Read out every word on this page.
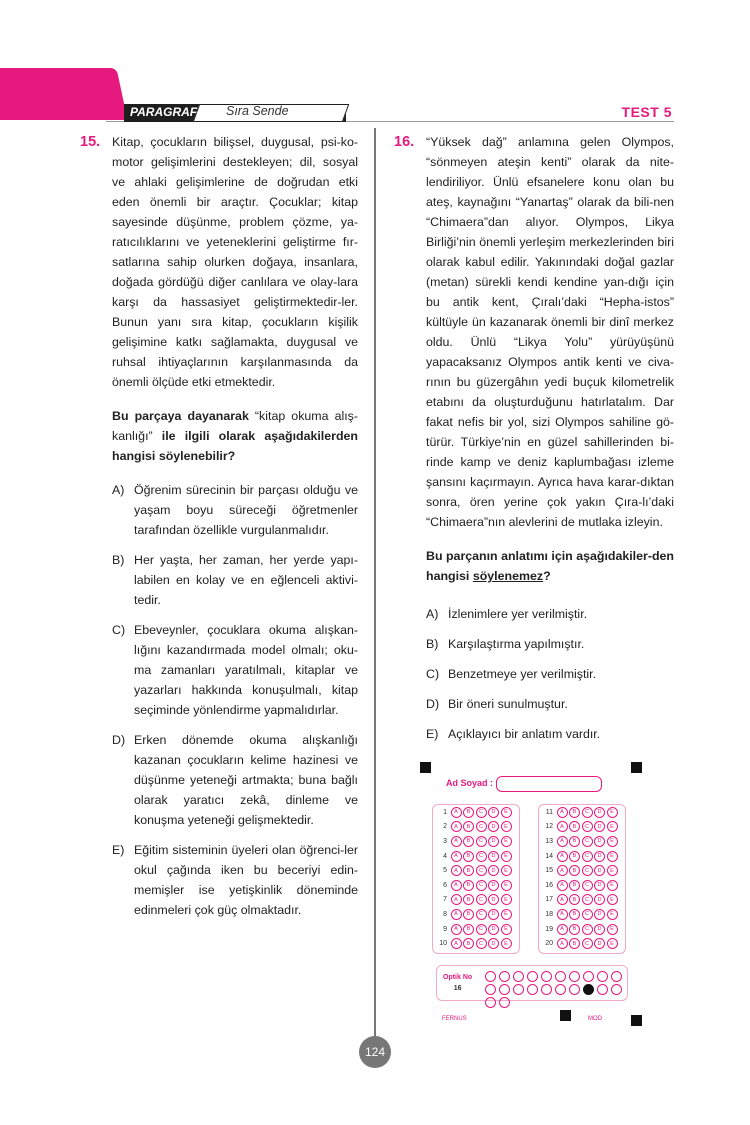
PARAGRAF Sıra Sende	TEST 5
124
15. Kitap, çocukların bilişsel, duygusal, psi-ko-motor gelişimlerini destekleyen; dil, sosyal ve ahlaki gelişimlerine de doğrudan etki eden önemli bir araçtır. Çocuklar; kitap sayesinde düşünme, problem çözme, ya-ratıcılıklarını ve yeteneklerini geliştirme fır-satlarına sahip olurken doğaya, insanlara, doğada gördüğü diğer canlılara ve olay-lara karşı da hassasiyet geliştirmektedir-ler. Bunun yanı sıra kitap, çocukların kişilik gelişimine katkı sağlamakta, duygusal ve ruhsal ihtiyaçlarının karşılanmasında da önemli ölçüde etki etmektedir.
Bu parçaya dayanarak “kitap okuma alış-kanlığı” ile ilgili olarak aşağıdakilerden hangisi söylenebilir?
A) Öğrenim sürecinin bir parçası olduğu ve yaşam boyu süreceği öğretmenler tarafından özellikle vurgulanmalıdır.
B) Her yaşta, her zaman, her yerde yapı-labilen en kolay ve en eğlenceli aktivi-tedir.
C) Ebeveynler, çocuklara okuma alışkan-lığını kazandırmada model olmalı; oku-ma zamanları yaratılmalı, kitaplar ve yazarları hakkında konuşulmalı, kitap seçiminde yönlendirme yapmalıdırlar.
D) Erken dönemde okuma alışkanlığı kazanan çocukların kelime hazinesi ve düşünme yeteneği artmakta; buna bağlı olarak yaratıcı zekâ, dinleme ve konuşma yeteneği gelişmektedir.
E) Eğitim sisteminin üyeleri olan öğrenci-ler okul çağında iken bu beceriyi edin-memişler ise yetişkinlik döneminde edinmeleri çok güç olmaktadır.
16. “Yüksek dağ” anlamına gelen Olympos, “sönmeyen ateşin kenti” olarak da nite-lendiriliyor. Ünlü efsanelere konu olan bu ateş, kaynağını “Yanartaş” olarak da bili-nen “Chimaera”dan alıyor. Olympos, Likya Birliği’nin önemli yerleşim merkezlerinden biri olarak kabul edilir. Yakınındaki doğal gazlar (metan) sürekli kendi kendine yan-dığı için bu antik kent, Çıralı’daki “Hepha-istos” kültüyle ün kazanarak önemli bir dinî merkez oldu. Ünlü “Likya Yolu” yürüyüşünü yapacaksanız Olympos antik kenti ve civa-rının bu güzergâhın yedi buçuk kilometrelik etabını da oluşturduğunu hatırlatalım. Dar fakat nefis bir yol, sizi Olympos sahiline gö-türür. Türkiye’nin en güzel sahillerinden bi-rinde kamp ve deniz kaplumbağası izleme şansını kaçırmayın. Ayrıca hava karar-dıktan sonra, ören yerine çok yakın Çıra-lı’daki “Chimaera”nın alevlerini de mutlaka izleyin.
Bu parçanın anlatımı için aşağıdakiler-den hangisi söylenemez?
A) İzlenimlere yer verilmiştir.
B) Karşılaştırma yapılmıştır.
C) Benzetmeye yer verilmiştir.
D) Bir öneri sunulmuştur.
E) Açıklayıcı bir anlatım vardır.
Ad Soyad :
1	A	B	C	D	E
2	A	B	C	D	E
3	A	B	C	D	E
4	A	B	C	D	E
5	A	B	C	D	E
6	A	B	C	D	E
7	A	B	C	D	E
8	A	B	C	D	E
9	A	B	C	D	E
10	A	B	C	D	E
11	A	B	C	D	E
12	A	B	C	D	E
13	A	B	C	D	E
14	A	B	C	D	E
15	A	B	C	D	E
16	A	B	C	D	E
17	A	B	C	D	E
18	A	B	C	D	E
19	A	B	C	D	E
20	A	B	C	D	E
Optik No
16
FERNUS	MOD
